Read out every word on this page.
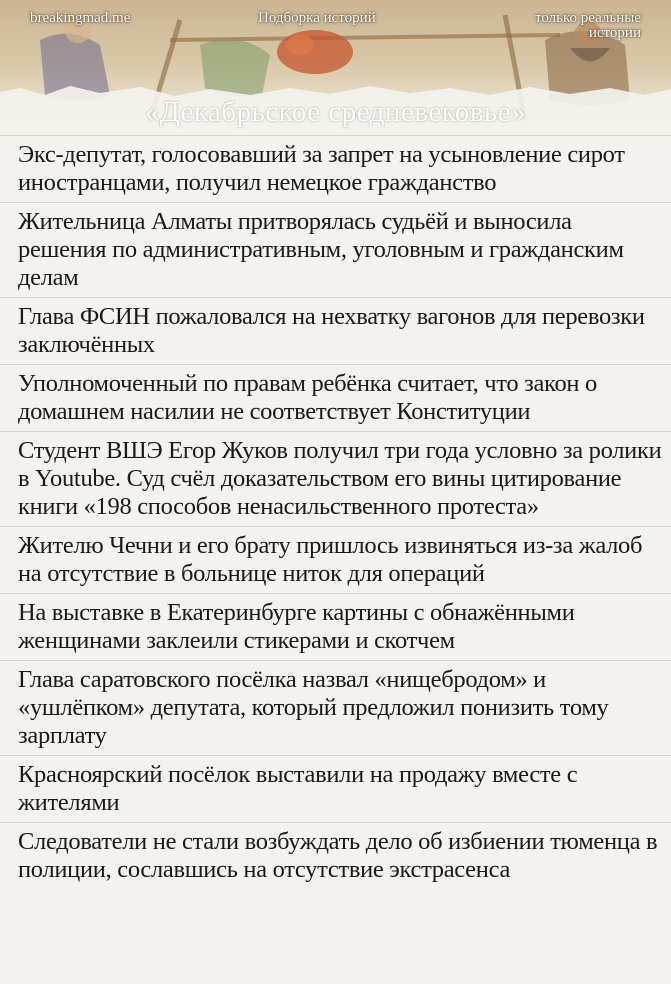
breakingmad.me	Подборка историй	только реальные истории
«Декабрьское средневековье»
Экс-депутат, голосовавший за запрет на усыновление сирот иностранцами, получил немецкое гражданство
Жительница Алматы притворялась судьёй и выносила решения по административным, уголовным и гражданским делам
Глава ФСИН пожаловался на нехватку вагонов для перевозки заключённых
Уполномоченный по правам ребёнка считает, что закон о домашнем насилии не соответствует Конституции
Студент ВШЭ Егор Жуков получил три года условно за ролики в Youtube. Суд счёл доказательством его вины цитирование книги «198 способов ненасильственного протеста»
Жителю Чечни и его брату пришлось извиняться из-за жалоб на отсутствие в больнице ниток для операций
На выставке в Екатеринбурге картины с обнажёнными женщинами заклеили стикерами и скотчем
Глава саратовского посёлка назвал «нищебродом» и «ушлёпком» депутата, который предложил понизить тому зарплату
Красноярский посёлок выставили на продажу вместе с жителями
Следователи не стали возбуждать дело об избиении тюменца в полиции, сославшись на отсутствие экстрасенса
